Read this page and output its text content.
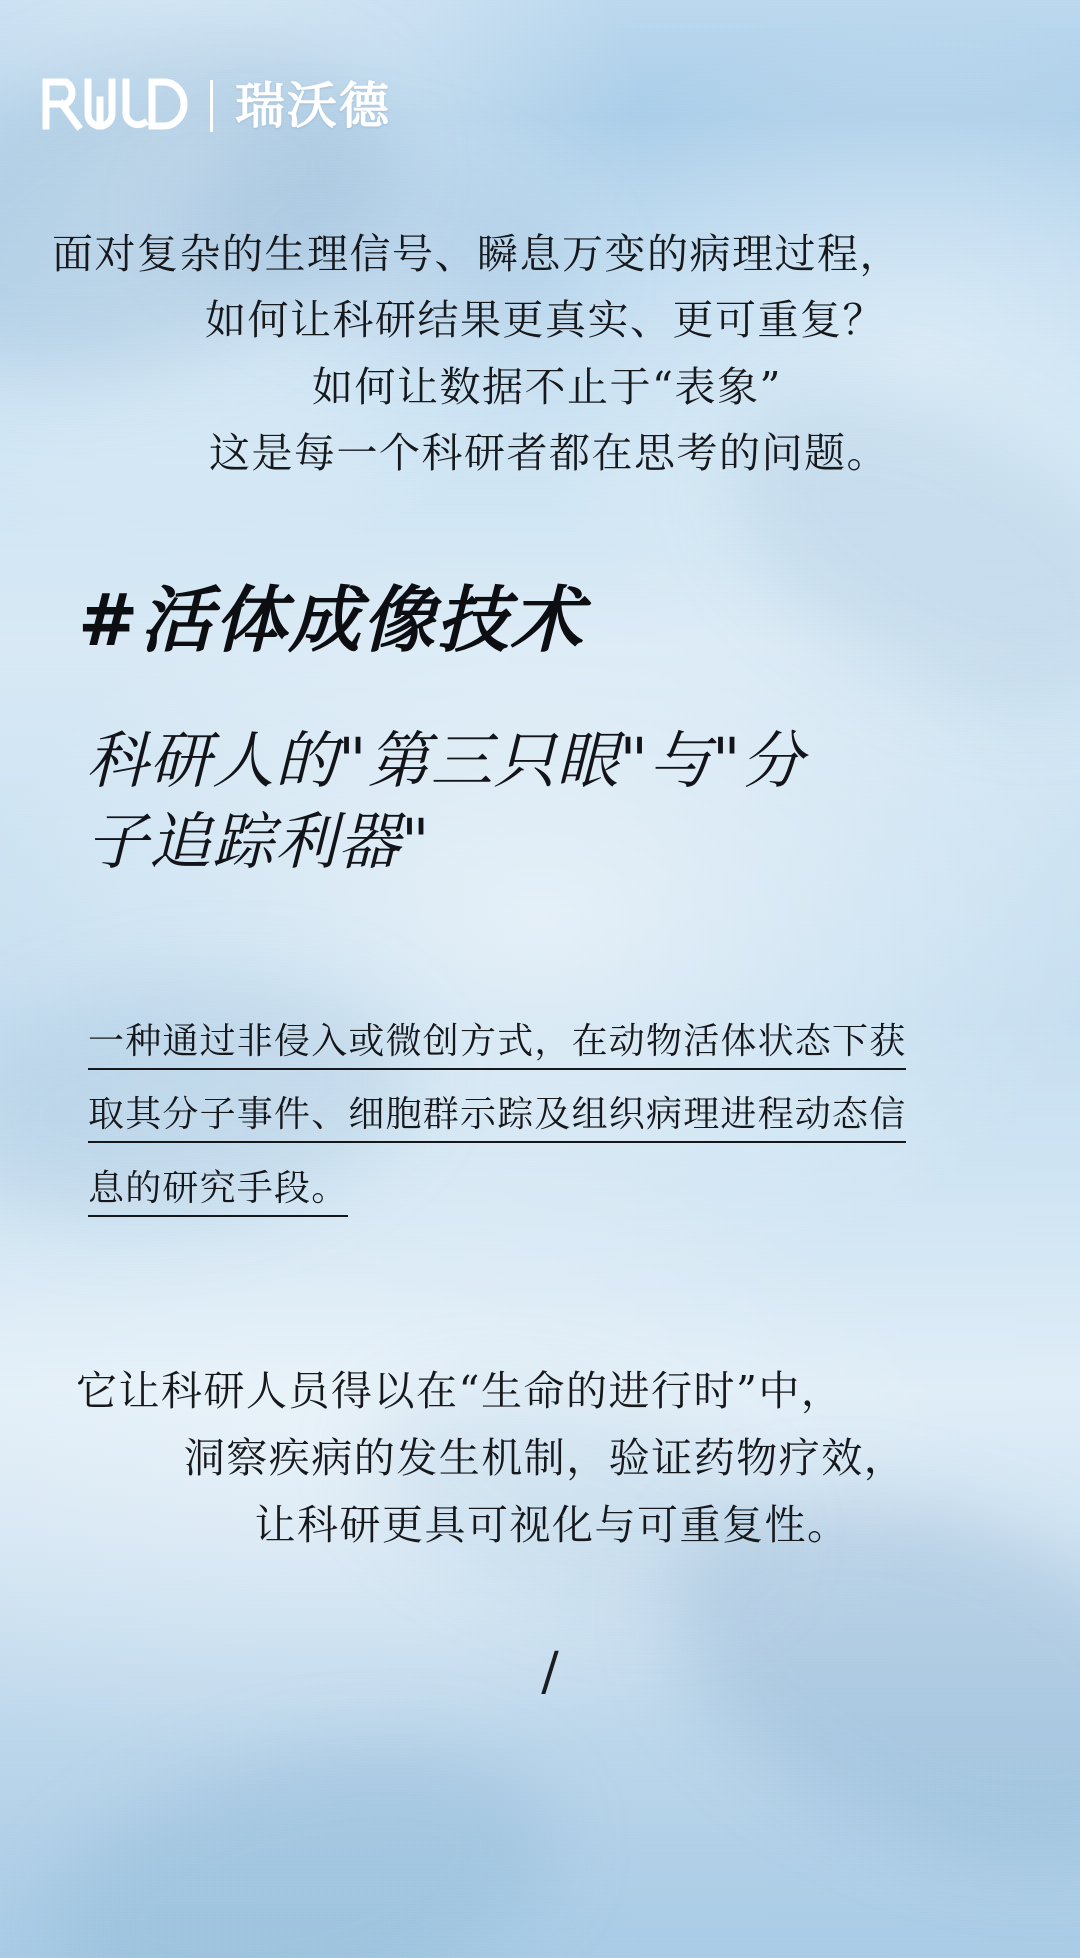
瑞沃德
面对复杂的生理信号、瞬息万变的病理过程，
如何让科研结果更真实、更可重复？
如何让数据不止于“表象”
这是每一个科研者都在思考的问题。
#活体成像技术
科研人的"第三只眼"与"分子追踪利器"
一种通过非侵入或微创方式，在动物活体状态下获取其分子事件、细胞群示踪及组织病理进程动态信息的研究手段。
它让科研人员得以在“生命的进行时”中，
洞察疾病的发生机制，验证药物疗效，
让科研更具可视化与可重复性。
/
